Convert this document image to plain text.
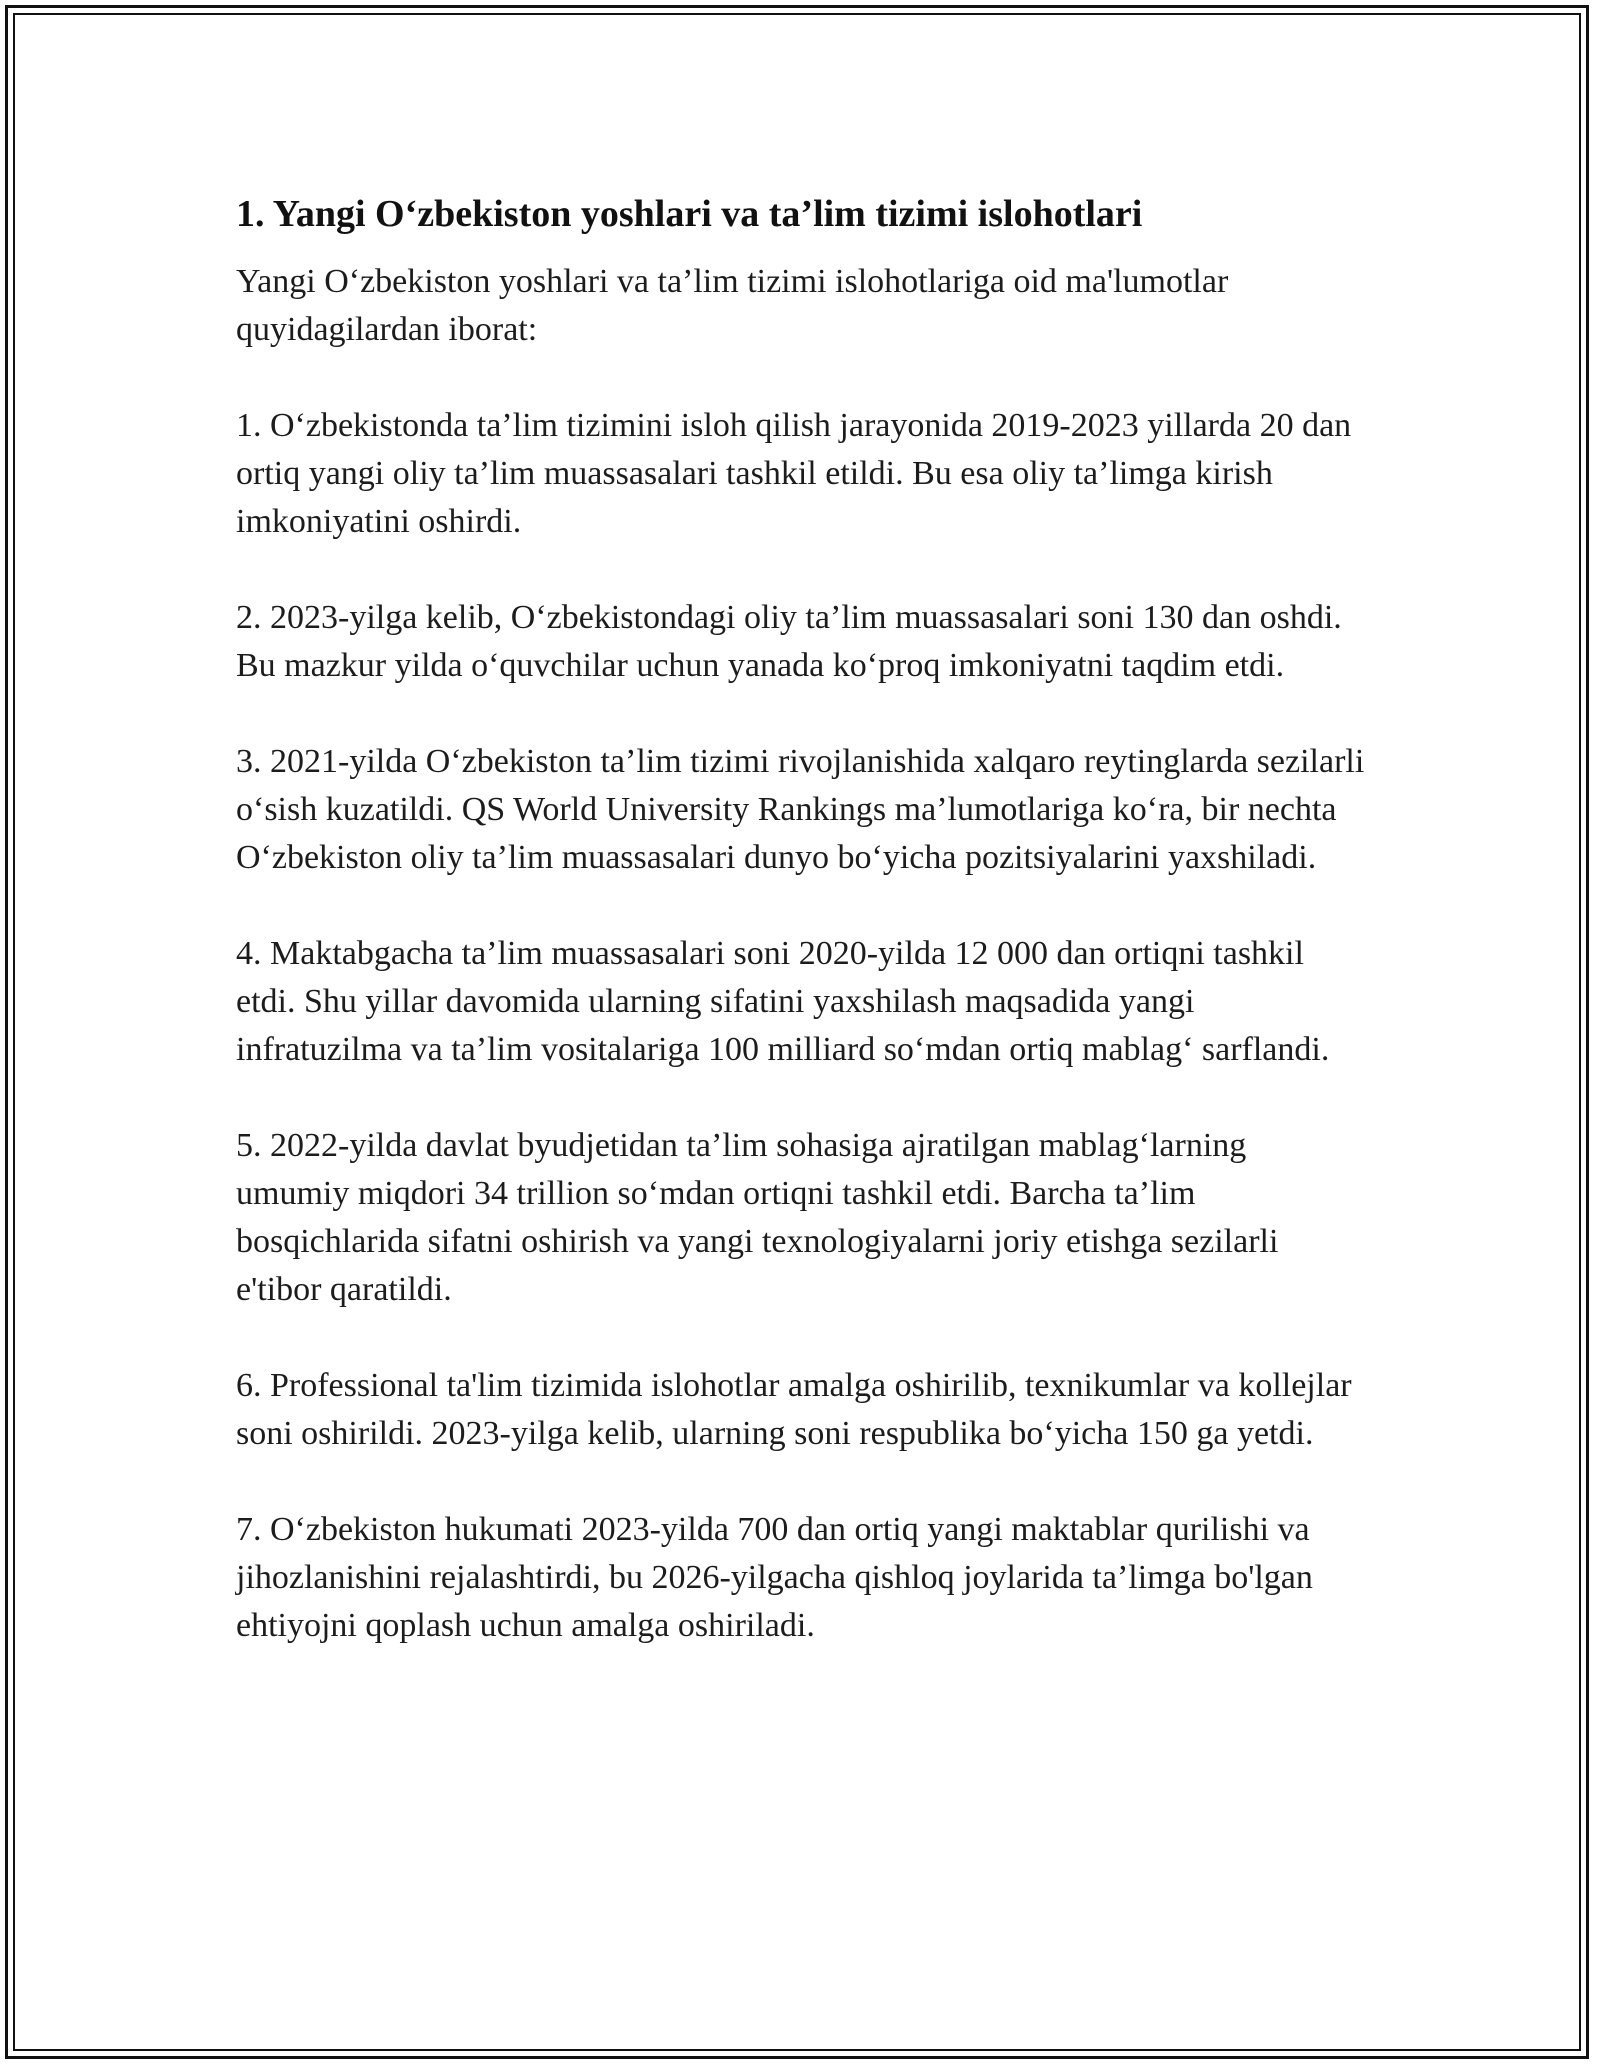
1. Yangi O‘zbekiston yoshlari va ta’lim tizimi islohotlari

Yangi O‘zbekiston yoshlari va ta’lim tizimi islohotlariga oid ma'lumotlar quyidagilardan iborat:

1. O‘zbekistonda ta’lim tizimini isloh qilish jarayonida 2019-2023 yillarda 20 dan ortiq yangi oliy ta’lim muassasalari tashkil etildi. Bu esa oliy ta’limga kirish imkoniyatini oshirdi.

2. 2023-yilga kelib, O‘zbekistondagi oliy ta’lim muassasalari soni 130 dan oshdi. Bu mazkur yilda o‘quvchilar uchun yanada ko‘proq imkoniyatni taqdim etdi.

3. 2021-yilda O‘zbekiston ta’lim tizimi rivojlanishida xalqaro reytinglarda sezilarli o‘sish kuzatildi. QS World University Rankings ma’lumotlariga ko‘ra, bir nechta O‘zbekiston oliy ta’lim muassasalari dunyo bo‘yicha pozitsiyalarini yaxshiladi.

4. Maktabgacha ta’lim muassasalari soni 2020-yilda 12 000 dan ortiqni tashkil etdi. Shu yillar davomida ularning sifatini yaxshilash maqsadida yangi infratuzilma va ta’lim vositalariga 100 milliard so‘mdan ortiq mablag‘ sarflandi.

5. 2022-yilda davlat byudjetidan ta’lim sohasiga ajratilgan mablag‘larning umumiy miqdori 34 trillion so‘mdan ortiqni tashkil etdi. Barcha ta’lim bosqichlarida sifatni oshirish va yangi texnologiyalarni joriy etishga sezilarli e'tibor qaratildi.

6. Professional ta'lim tizimida islohotlar amalga oshirilib, texnikumlar va kollejlar soni oshirildi. 2023-yilga kelib, ularning soni respublika bo‘yicha 150 ga yetdi.

7. O‘zbekiston hukumati 2023-yilda 700 dan ortiq yangi maktablar qurilishi va jihozlanishini rejalashtirdi, bu 2026-yilgacha qishloq joylarida ta’limga bo'lgan ehtiyojni qoplash uchun amalga oshiriladi.
